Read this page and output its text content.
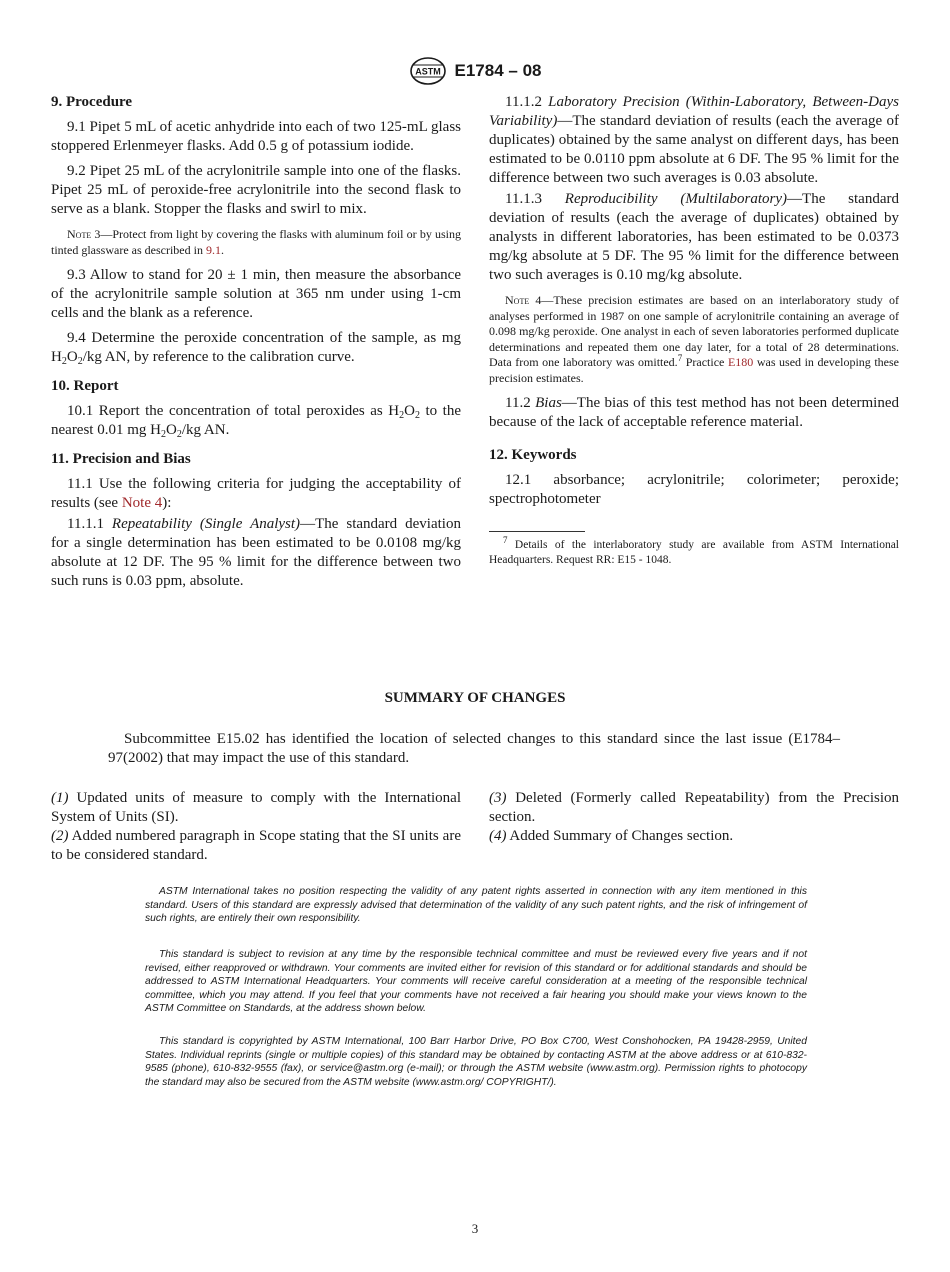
ASTM E1784 – 08
9. Procedure
9.1 Pipet 5 mL of acetic anhydride into each of two 125-mL glass stoppered Erlenmeyer flasks. Add 0.5 g of potassium iodide.
9.2 Pipet 25 mL of the acrylonitrile sample into one of the flasks. Pipet 25 mL of peroxide-free acrylonitrile into the second flask to serve as a blank. Stopper the flasks and swirl to mix.
Note 3—Protect from light by covering the flasks with aluminum foil or by using tinted glassware as described in 9.1.
9.3 Allow to stand for 20 ± 1 min, then measure the absorbance of the acrylonitrile sample solution at 365 nm under using 1-cm cells and the blank as a reference.
9.4 Determine the peroxide concentration of the sample, as mg $H_2O_2/kg$ AN, by reference to the calibration curve.
10. Report
10.1 Report the concentration of total peroxides as $H_2O_2$ to the nearest 0.01 mg $H_2O_2/kg$ AN.
11. Precision and Bias
11.1 Use the following criteria for judging the acceptability of results (see Note 4):
11.1.1 Repeatability (Single Analyst)—The standard deviation for a single determination has been estimated to be 0.0108 mg/kg absolute at 12 DF. The 95 % limit for the difference between two such runs is 0.03 ppm, absolute.
11.1.2 Laboratory Precision (Within-Laboratory, Between-Days Variability)—The standard deviation of results (each the average of duplicates) obtained by the same analyst on different days, has been estimated to be 0.0110 ppm absolute at 6 DF. The 95 % limit for the difference between two such averages is 0.03 absolute.
11.1.3 Reproducibility (Multilaboratory)—The standard deviation of results (each the average of duplicates) obtained by analysts in different laboratories, has been estimated to be 0.0373 mg/kg absolute at 5 DF. The 95 % limit for the difference between two such averages is 0.10 mg/kg absolute.
Note 4—These precision estimates are based on an interlaboratory study of analyses performed in 1987 on one sample of acrylonitrile containing an average of 0.098 mg/kg peroxide. One analyst in each of seven laboratories performed duplicate determinations and repeated them one day later, for a total of 28 determinations. Data from one laboratory was omitted.$^7$ Practice E180 was used in developing these precision estimates.
11.2 Bias—The bias of this test method has not been determined because of the lack of acceptable reference material.
12. Keywords
12.1 absorbance; acrylonitrile; colorimeter; peroxide; spectrophotometer
$^7$ Details of the interlaboratory study are available from ASTM International Headquarters. Request RR: E15 - 1048.
SUMMARY OF CHANGES
Subcommittee E15.02 has identified the location of selected changes to this standard since the last issue (E1784–97(2002) that may impact the use of this standard.
(1) Updated units of measure to comply with the International System of Units (SI).
(2) Added numbered paragraph in Scope stating that the SI units are to be considered standard.
(3) Deleted (Formerly called Repeatability) from the Precision section.
(4) Added Summary of Changes section.
ASTM International takes no position respecting the validity of any patent rights asserted in connection with any item mentioned in this standard. Users of this standard are expressly advised that determination of the validity of any such patent rights, and the risk of infringement of such rights, are entirely their own responsibility.
This standard is subject to revision at any time by the responsible technical committee and must be reviewed every five years and if not revised, either reapproved or withdrawn. Your comments are invited either for revision of this standard or for additional standards and should be addressed to ASTM International Headquarters. Your comments will receive careful consideration at a meeting of the responsible technical committee, which you may attend. If you feel that your comments have not received a fair hearing you should make your views known to the ASTM Committee on Standards, at the address shown below.
This standard is copyrighted by ASTM International, 100 Barr Harbor Drive, PO Box C700, West Conshohocken, PA 19428-2959, United States. Individual reprints (single or multiple copies) of this standard may be obtained by contacting ASTM at the above address or at 610-832-9585 (phone), 610-832-9555 (fax), or service@astm.org (e-mail); or through the ASTM website (www.astm.org). Permission rights to photocopy the standard may also be secured from the ASTM website (www.astm.org/ COPYRIGHT/).
3
